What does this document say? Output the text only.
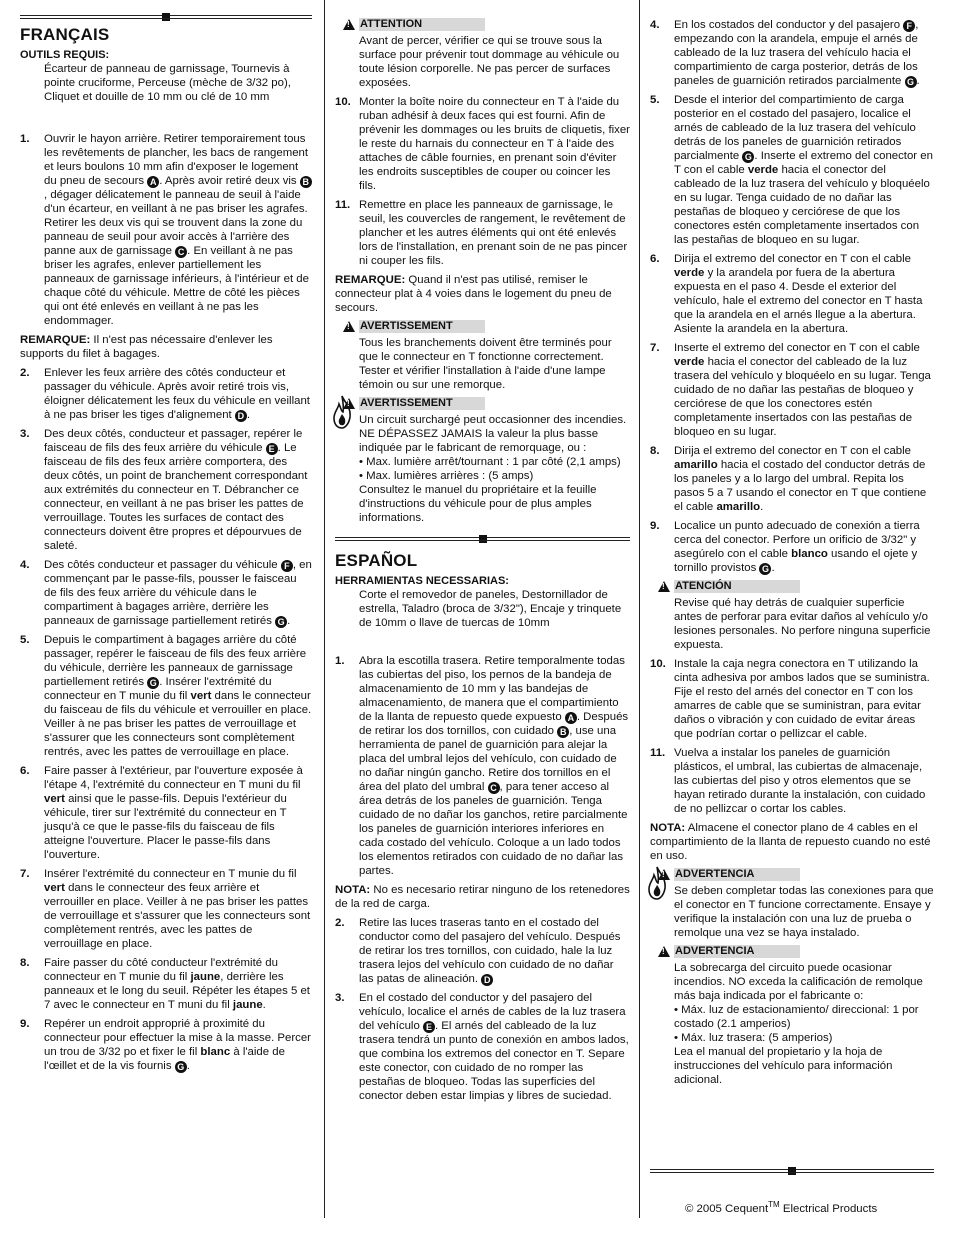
FRANÇAIS
OUTILS REQUIS:
Écarteur de panneau de garnissage, Tournevis à pointe cruciforme, Perceuse (mèche de 3/32 po), Cliquet et douille de 10 mm ou clé de 10 mm
1.	Ouvrir le hayon arrière. Retirer temporairement tous les revêtements de plancher, les bacs de rangement et leurs boulons 10 mm afin d'exposer le logement du pneu de secours A . Après avoir retiré deux vis B, dégager délicatement le panneau de seuil à l'aide d'un écarteur, en veillant à ne pas briser les agrafes. Retirer les deux vis qui se trouvent dans la zone du panneau de seuil pour avoir accès à l'arrière des panne aux de garnissage C . En veillant à ne pas briser les agrafes, enlever partiellement les panneaux de garnissage inférieurs, à l'intérieur et de chaque côté du véhicule. Mettre de côté les pièces qui ont été enlevés en veillant à ne pas les endommager.
REMARQUE: Il n'est pas nécessaire d'enlever les supports du filet à bagages.
2.	Enlever les feux arrière des côtés conducteur et passager du véhicule. Après avoir retiré trois vis, éloigner délicatement les feux du véhicule en veillant à ne pas briser les tiges d'alignement D .
3.	Des deux côtés, conducteur et passager, repérer le faisceau de fils des feux arrière du véhicule E . Le faisceau de fils des feux arrière comportera, des deux côtés, un point de branchement correspondant aux extrémités du connecteur en T. Débrancher ce connecteur, en veillant à ne pas briser les pattes de verrouillage. Toutes les surfaces de contact des connecteurs doivent être propres et dépourvues de saleté.
4.	Des côtés conducteur et passager du véhicule F , en commençant par le passe-fils, pousser le faisceau de fils des feux arrière du véhicule dans le compartiment à bagages arrière, derrière les panneaux de garnissage partiellement retirés G .
5.	Depuis le compartiment à bagages arrière du côté passager, repérer le faisceau de fils des feux arrière du véhicule, derrière les panneaux de garnissage partiellement retirés G . Insérer l'extrémité du connecteur en T munie du fil vert dans le connecteur du faisceau de fils du véhicule et verrouiller en place. Veiller à ne pas briser les pattes de verrouillage et s'assurer que les connecteurs sont complètement rentrés, avec les pattes de verrouillage en place.
6.	Faire passer à l'extérieur, par l'ouverture exposée à l'étape 4, l'extrémité du connecteur en T muni du fil vert ainsi que le passe-fils. Depuis l'extérieur du véhicule, tirer sur l'extrémité du connecteur en T jusqu'à ce que le passe-fils du faisceau de fils atteigne l'ouverture. Placer le passe-fils dans l'ouverture.
7.	Insérer l'extrémité du connecteur en T munie du fil vert dans le connecteur des feux arrière et verrouiller en place. Veiller à ne pas briser les pattes de verrouillage et s'assurer que les connecteurs sont complètement rentrés, avec les pattes de verrouillage en place.
8.	Faire passer du côté conducteur l'extrémité du connecteur en T munie du fil jaune, derrière les panneaux et le long du seuil. Répéter les étapes 5 et 7 avec le connecteur en T muni du fil jaune.
9.	Repérer un endroit approprié à proximité du connecteur pour effectuer la mise à la masse. Percer un trou de 3/32 po et fixer le fil blanc à l'aide de l'œillet et de la vis fournis G .
!
ATTENTION
Avant de percer, vérifier ce qui se trouve sous la surface pour prévenir tout dommage au véhicule ou toute lésion corporelle. Ne pas percer de surfaces exposées.
10. Monter la boîte noire du connecteur en T à l'aide du ruban adhésif à deux faces qui est fourni. Afin de prévenir les dommages ou les bruits de cliquetis, fixer le reste du harnais du connecteur en T à l'aide des attaches de câble fournies, en prenant soin d'éviter les endroits susceptibles de couper ou coincer les fils.
11. Remettre en place les panneaux de garnissage, le seuil, les couvercles de rangement, le revêtement de plancher et les autres éléments qui ont été enlevés lors de l'installation, en prenant soin de ne pas pincer ni couper les fils.
REMARQUE: Quand il n'est pas utilisé, remiser le connecteur plat à 4 voies dans le logement du pneu de secours.
!
AVERTISSEMENT
Tous les branchements doivent être terminés pour que le connecteur en T fonctionne correctement. Tester et vérifier l'installation à l'aide d'une lampe témoin ou sur une remorque.
!
AVERTISSEMENT
Un circuit surchargé peut occasionner des incendies. NE DÉPASSEZ JAMAIS la valeur la plus basse indiquée par le fabricant de remorquage, ou :
• Max. lumière arrêt/tournant : 1 par côté (2,1 amps)
• Max. lumières arrières : (5 amps)
Consultez le manuel du propriétaire et la feuille d'instructions du véhicule pour de plus amples informations.
ESPAÑOL
HERRAMIENTAS NECESSARIAS:
Corte el removedor de paneles, Destornillador de estrella, Taladro (broca de 3/32"), Encaje y trinquete de 10mm o llave de tuercas de 10mm
1.	Abra la escotilla trasera. Retire temporalmente todas las cubiertas del piso, los pernos de la bandeja de almacenamiento de 10 mm y las bandejas de almacenamiento, de manera que el compartimiento de la llanta de repuesto quede expuesto A . Después de retirar los dos tornillos, con cuidado B , use una herramienta de panel de guarnición para alejar la placa del umbral lejos del vehículo, con cuidado de no dañar ningún gancho. Retire dos tornillos en el área del plato del umbral C , para tener acceso al área detrás de los paneles de guarnición. Tenga cuidado de no dañar los ganchos, retire parcialmente los paneles de guarnición interiores inferiores en cada costado del vehículo. Coloque a un lado todos los elementos retirados con cuidado de no dañar las partes.
NOTA: No es necesario retirar ninguno de los retenedores de la red de carga.
2.	Retire las luces traseras tanto en el costado del conductor como del pasajero del vehículo. Después de retirar los tres tornillos, con cuidado, hale la luz trasera lejos del vehículo con cuidado de no dañar las patas de alineación. D
3.	En el costado del conductor y del pasajero del vehículo, localice el arnés de cables de la luz trasera del vehículo E . El arnés del cableado de la luz trasera tendrá un punto de conexión en ambos lados, que combina los extremos del conector en T. Separe este conector, con cuidado de no romper las pestañas de bloqueo. Todas las superficies del conector deben estar limpias y libres de suciedad.
4.	En los costados del conductor y del pasajero F , empezando con la arandela, empuje el arnés de cableado de la luz trasera del vehículo hacia el compartimiento de carga posterior, detrás de los paneles de guarnición retirados parcialmente G .
5.	Desde el interior del compartimiento de carga posterior en el costado del pasajero, localice el arnés de cableado de la luz trasera del vehículo detrás de los paneles de guarnición retirados parcialmente G . Inserte el extremo del conector en T con el cable verde hacia el conector del cableado de la luz trasera del vehículo y bloquéelo en su lugar. Tenga cuidado de no dañar las pestañas de bloqueo y cerciórese de que los conectores estén completamente insertados con las pestañas de bloqueo en su lugar.
6.	Dirija el extremo del conector en T con el cable verde y la arandela por fuera de la abertura expuesta en el paso 4. Desde el exterior del vehículo, hale el extremo del conector en T hasta que la arandela en el arnés llegue a la abertura. Asiente la arandela en la abertura.
7.	Inserte el extremo del conector en T con el cable verde hacia el conector del cableado de la luz trasera del vehículo y bloquéelo en su lugar. Tenga cuidado de no dañar las pestañas de bloqueo y cerciórese de que los conectores estén completamente insertados con las pestañas de bloqueo en su lugar.
8.	Dirija el extremo del conector en T con el cable amarillo hacia el costado del conductor detrás de los paneles y a lo largo del umbral. Repita los pasos 5 a 7 usando el conector en T que contiene el cable amarillo.
9.	Localice un punto adecuado de conexión a tierra cerca del conector. Perfore un orificio de 3/32" y asegúrelo con el cable blanco usando el ojete y tornillo provistos G .
!
ATENCIÓN
Revise qué hay detrás de cualquier superficie antes de perforar para evitar daños al vehículo y/o lesiones personales. No perfore ninguna superficie expuesta.
10. Instale la caja negra conectora en T utilizando la cinta adhesiva por ambos lados que se suministra. Fije el resto del arnés del conector en T con los amarres de cable que se suministran, para evitar daños o vibración y con cuidado de evitar áreas que podrían cortar o pellizcar el cable.
11. Vuelva a instalar los paneles de guarnición plásticos, el umbral, las cubiertas de almacenaje, las cubiertas del piso y otros elementos que se hayan retirado durante la instalación, con cuidado de no pellizcar o cortar los cables.
NOTA: Almacene el conector plano de 4 cables en el compartimiento de la llanta de repuesto cuando no esté en uso.
!
ADVERTENCIA
Se deben completar todas las conexiones para que el conector en T funcione correctamente. Ensaye y verifique la instalación con una luz de prueba o remolque una vez se haya instalado.
!
ADVERTENCIA
La sobrecarga del circuito puede ocasionar incendios. NO exceda la calificación de remolque más baja indicada por el fabricante o:
• Máx. luz de estacionamiento/ direccional: 1 por costado (2.1 amperios)
• Máx. luz trasera: (5 amperios)
Lea el manual del propietario y la hoja de instrucciones del vehículo para información adicional.
© 2005 Cequent™ Electrical Products
